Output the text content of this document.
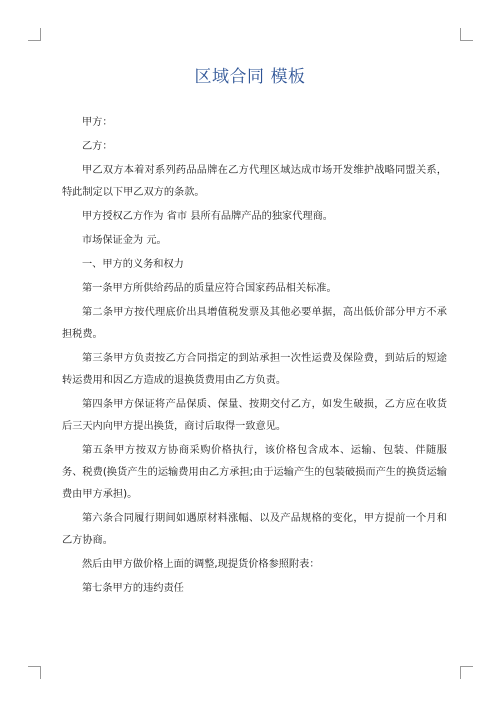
区域合同 模板

甲方：

乙方：

甲乙双方本着对系列药品品牌在乙方代理区域达成市场开发维护战略同盟关系，特此制定以下甲乙双方的条款。

甲方授权乙方作为 省市 县所有品牌产品的独家代理商。

市场保证金为 元。

一、甲方的义务和权力

第一条甲方所供给药品的质量应符合国家药品相关标准。

第二条甲方按代理底价出具增值税发票及其他必要单据，高出低价部分甲方不承担税费。

第三条甲方负责按乙方合同指定的到站承担一次性运费及保险费，到站后的短途转运费用和因乙方造成的退换货费用由乙方负责。

第四条甲方保证将产品保质、保量、按期交付乙方，如发生破损，乙方应在收货后三天内向甲方提出换货，商讨后取得一致意见。

第五条甲方按双方协商采购价格执行，该价格包含成本、运输、包装、伴随服务、税费(换货产生的运输费用由乙方承担;由于运输产生的包装破损而产生的换货运输费由甲方承担)。

第六条合同履行期间如遇原材料涨幅、以及产品规格的变化，甲方提前一个月和乙方协商。

然后由甲方做价格上面的调整,现提货价格参照附表：

第七条甲方的违约责任
